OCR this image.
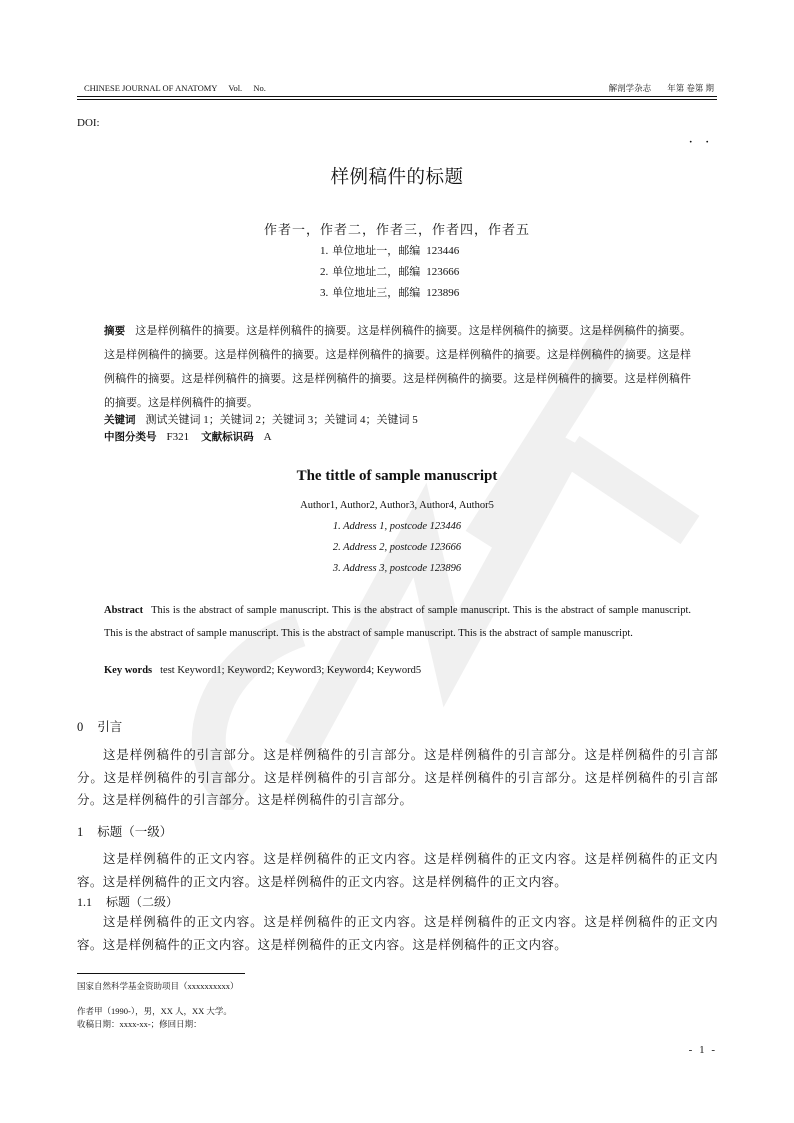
CHINESE JOURNAL OF ANATOMY Vol. No.	解剖学杂志 年第 卷第 期
DOI:
· ·
样例稿件的标题
作者一，作者二，作者三，作者四，作者五
1. 单位地址一，邮编 123446
2. 单位地址二，邮编 123666
3. 单位地址三，邮编 123896
摘要 这是样例稿件的摘要。这是样例稿件的摘要。这是样例稿件的摘要。这是样例稿件的摘要。这是样例稿件的摘要。这是样例稿件的摘要。这是样例稿件的摘要。这是样例稿件的摘要。这是样例稿件的摘要。这是样例稿件的摘要。这是样例稿件的摘要。这是样例稿件的摘要。这是样例稿件的摘要。这是样例稿件的摘要。这是样例稿件的摘要。这是样例稿件的摘要。这是样例稿件的摘要。
关键词 测试关键词 1；关键词 2；关键词 3；关键词 4；关键词 5
中图分类号 F321 文献标识码 A
The tittle of sample manuscript
Author1, Author2, Author3, Author4, Author5
1. Address 1, postcode 123446
2. Address 2, postcode 123666
3. Address 3, postcode 123896
Abstract This is the abstract of sample manuscript. This is the abstract of sample manuscript. This is the abstract of sample manuscript. This is the abstract of sample manuscript. This is the abstract of sample manuscript. This is the abstract of sample manuscript.
Key words test Keyword1; Keyword2; Keyword3; Keyword4; Keyword5
0 引言
这是样例稿件的引言部分。这是样例稿件的引言部分。这是样例稿件的引言部分。这是样例稿件的引言部分。这是样例稿件的引言部分。这是样例稿件的引言部分。这是样例稿件的引言部分。这是样例稿件的引言部分。这是样例稿件的引言部分。这是样例稿件的引言部分。
1 标题（一级）
这是样例稿件的正文内容。这是样例稿件的正文内容。这是样例稿件的正文内容。这是样例稿件的正文内容。这是样例稿件的正文内容。这是样例稿件的正文内容。这是样例稿件的正文内容。
1.1 标题（二级）
这是样例稿件的正文内容。这是样例稿件的正文内容。这是样例稿件的正文内容。这是样例稿件的正文内容。这是样例稿件的正文内容。这是样例稿件的正文内容。这是样例稿件的正文内容。
国家自然科学基金资助项目（xxxxxxxxxx）
作者甲（1990-），男，XX 人，XX 大学。
收稿日期：xxxx-xx-；修回日期：
- 1 -
